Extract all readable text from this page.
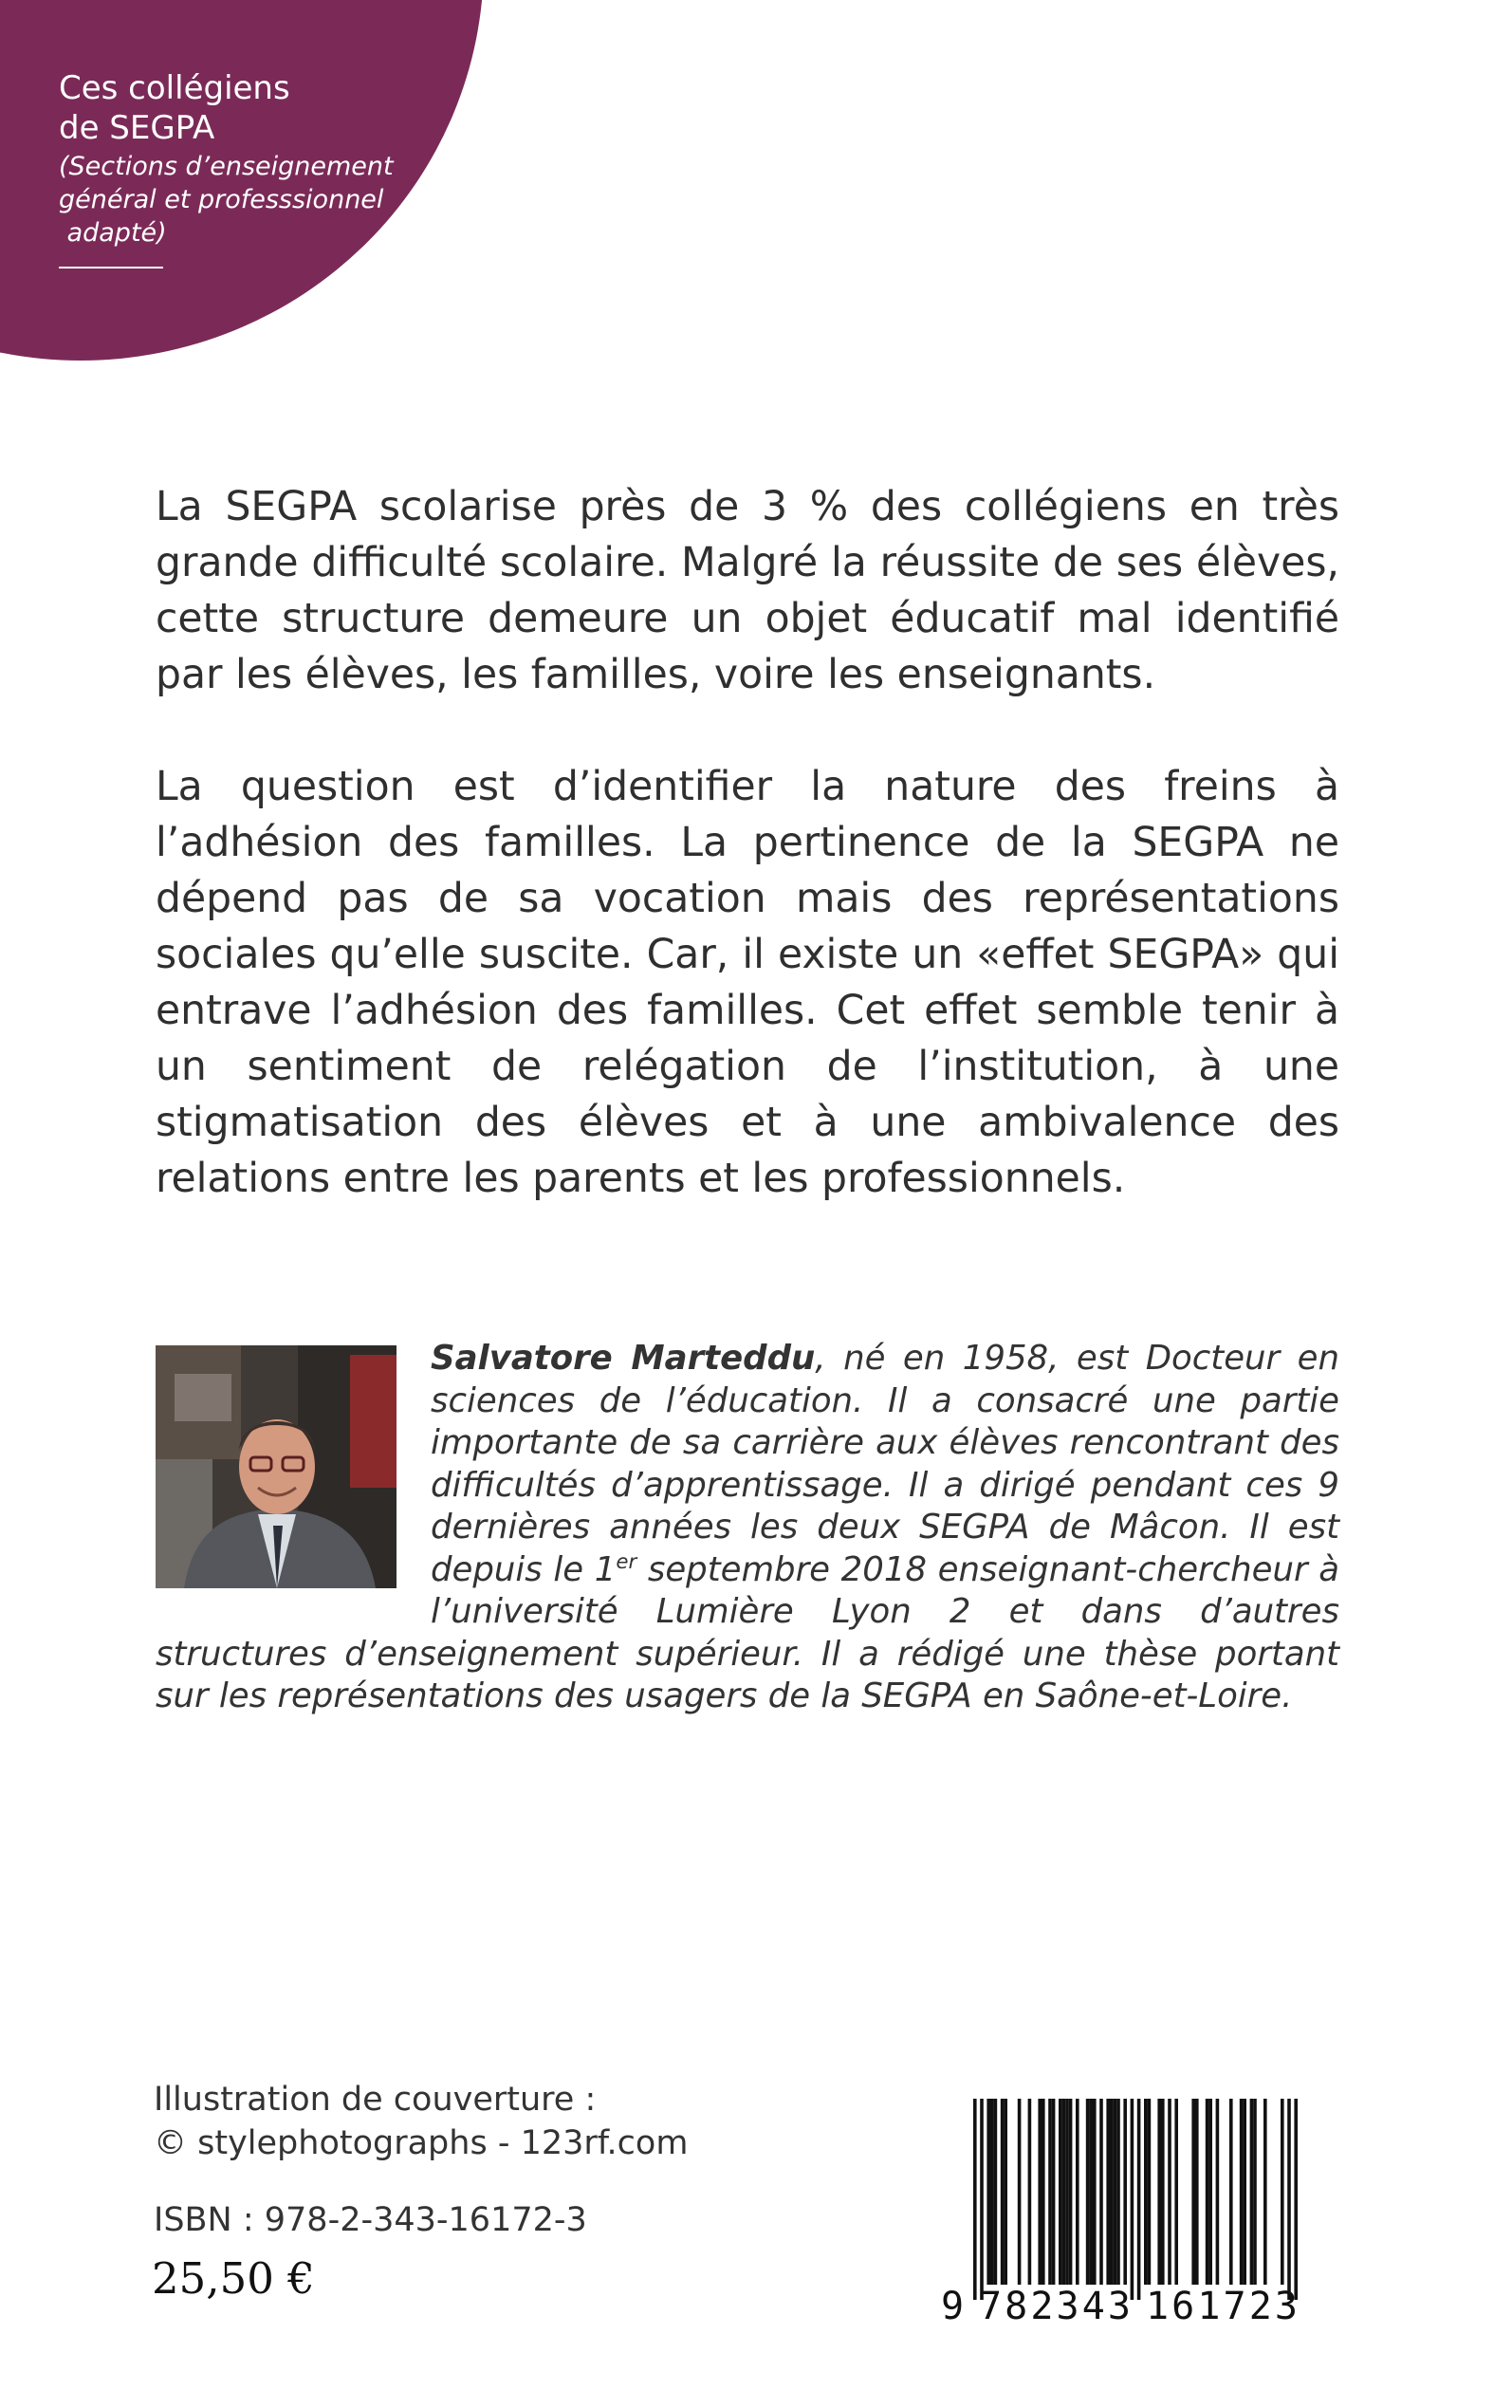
Ces collégiens
de SEGPA
(Sections d’enseignement
général et professsionnel
adapté)

La SEGPA scolarise près de 3 % des collégiens en très grande difficulté scolaire. Malgré la réussite de ses élèves, cette structure demeure un objet éducatif mal identifié par les élèves, les familles, voire les enseignants.

La question est d’identifier la nature des freins à l’adhésion des familles. La pertinence de la SEGPA ne dépend pas de sa vocation mais des représentations sociales qu’elle suscite. Car, il existe un «effet SEGPA» qui entrave l’adhésion des familles. Cet effet semble tenir à un sentiment de relégation de l’institution, à une stigmatisation des élèves et à une ambivalence des relations entre les parents et les professionnels.

Salvatore Marteddu, né en 1958, est Docteur en sciences de l’éducation. Il a consacré une partie importante de sa carrière aux élèves rencontrant des difficultés d’apprentissage. Il a dirigé pendant ces 9 dernières années les deux SEGPA de Mâcon. Il est depuis le 1er septembre 2018 enseignant-chercheur à l’université Lumière Lyon 2 et dans d’autres structures d’enseignement supérieur. Il a rédigé une thèse portant sur les représentations des usagers de la SEGPA en Saône-et-Loire.

Illustration de couverture :
© stylephotographs - 123rf.com
ISBN : 978-2-343-16172-3
25,50 €
9 782343 161723
